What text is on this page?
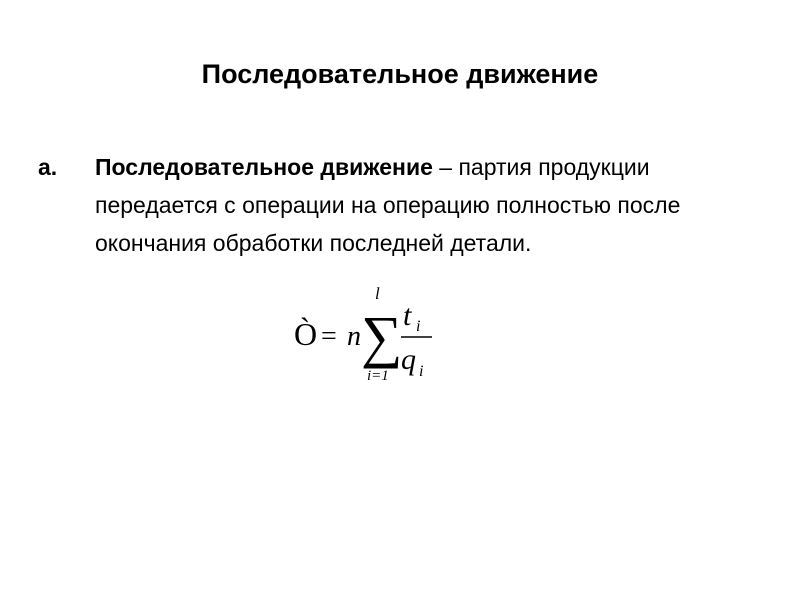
Последовательное движение
a. Последовательное движение – партия продукции передается с операции на операцию полностью после окончания обработки последней детали.
Ò = n ∑
l
i=1
t i
q i
